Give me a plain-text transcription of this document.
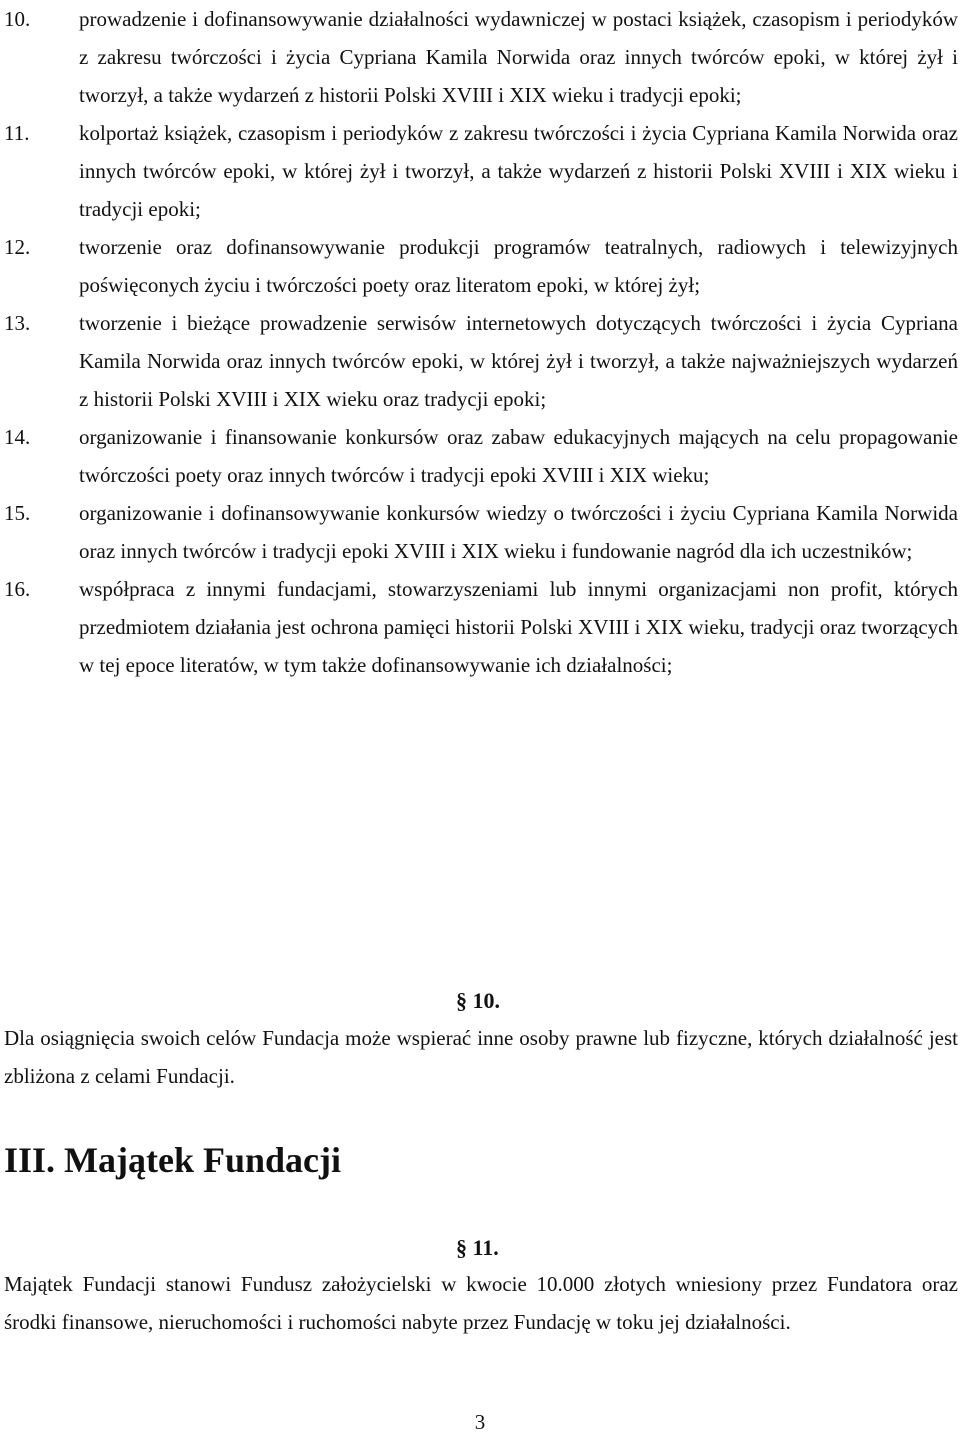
10.	prowadzenie i dofinansowywanie działalności wydawniczej w postaci książek, czasopism i periodyków z zakresu twórczości i życia Cypriana Kamila Norwida oraz innych twórców epoki, w której żył i tworzył, a także wydarzeń z historii Polski XVIII i XIX wieku i tradycji epoki;
11.	kolportaż książek, czasopism i periodyków z zakresu twórczości i życia Cypriana Kamila Norwida oraz innych twórców epoki, w której żył i tworzył, a także wydarzeń z historii Polski XVIII i XIX wieku i tradycji epoki;
12.	tworzenie oraz dofinansowywanie produkcji programów teatralnych, radiowych i telewizyjnych poświęconych życiu i twórczości poety oraz literatom epoki, w której żył;
13.	tworzenie i bieżące prowadzenie serwisów internetowych dotyczących twórczości i życia Cypriana Kamila Norwida oraz innych twórców epoki, w której żył i tworzył, a także najważniejszych wydarzeń z historii Polski XVIII i XIX wieku oraz tradycji epoki;
14.	organizowanie i finansowanie konkursów oraz zabaw edukacyjnych mających na celu propagowanie twórczości poety oraz innych twórców i tradycji epoki XVIII i XIX wieku;
15.	organizowanie i dofinansowywanie konkursów wiedzy o twórczości i życiu Cypriana Kamila Norwida oraz innych twórców i tradycji epoki XVIII i XIX wieku i fundowanie nagród dla ich uczestników;
16.	współpraca z innymi fundacjami, stowarzyszeniami lub innymi organizacjami non profit, których przedmiotem działania jest ochrona pamięci historii Polski XVIII i XIX wieku, tradycji oraz tworzących w tej epoce literatów, w tym także dofinansowywanie ich działalności;
§ 10.

Dla osiągnięcia swoich celów Fundacja może wspierać inne osoby prawne lub fizyczne, których działalność jest zbliżona z celami Fundacji.

III. Majątek Fundacji
§ 11.

Majątek Fundacji stanowi Fundusz założycielski w kwocie 10.000 złotych wniesiony przez Fundatora oraz środki finansowe, nieruchomości i ruchomości nabyte przez Fundację w toku jej działalności.

3
